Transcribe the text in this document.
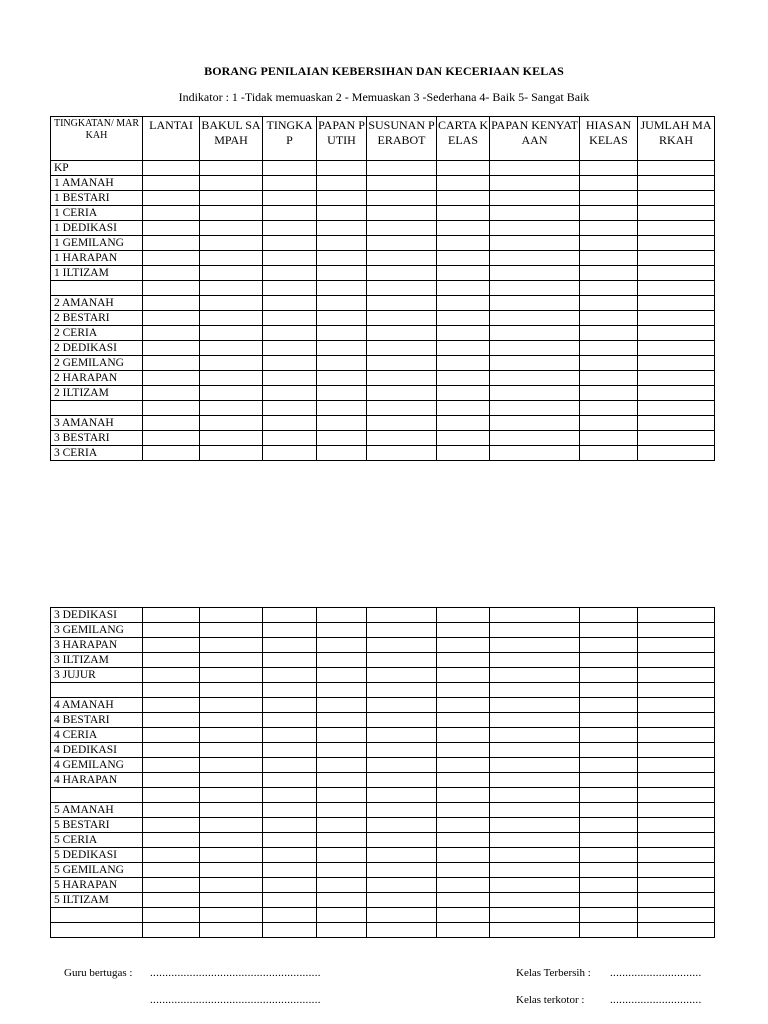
BORANG PENILAIAN KEBERSIHAN DAN KECERIAAN KELAS
Indikator : 1 -Tidak memuaskan 2 - Memuaskan 3 -Sederhana 4- Baik 5- Sangat Baik
TINGKATAN/ MARKAH	LANTAI	BAKUL SAMPAH	TINGKAP	PAPAN PUTIH	SUSUNAN PERABOT	CARTA KELAS	PAPAN KENYATAAN	HIASAN KELAS	JUMLAH MARKAH
KP									
1 AMANAH									
1 BESTARI									
1 CERIA									
1 DEDIKASI									
1 GEMILANG									
1 HARAPAN									
1 ILTIZAM									

2 AMANAH									
2 BESTARI									
2 CERIA									
2 DEDIKASI									
2 GEMILANG									
2 HARAPAN									
2 ILTIZAM									

3 AMANAH									
3 BESTARI									
3 CERIA									
3 DEDIKASI									
3 GEMILANG									
3 HARAPAN									
3 ILTIZAM									
3 JUJUR									

4 AMANAH									
4 BESTARI									
4 CERIA									
4 DEDIKASI									
4 GEMILANG									
4 HARAPAN									

5 AMANAH									
5 BESTARI									
5 CERIA									
5 DEDIKASI									
5 GEMILANG									
5 HARAPAN									
5 ILTIZAM									

Guru bertugas : ........................................................
........................................................
Kelas Terbersih : ..............................
Kelas terkotor : ..............................
